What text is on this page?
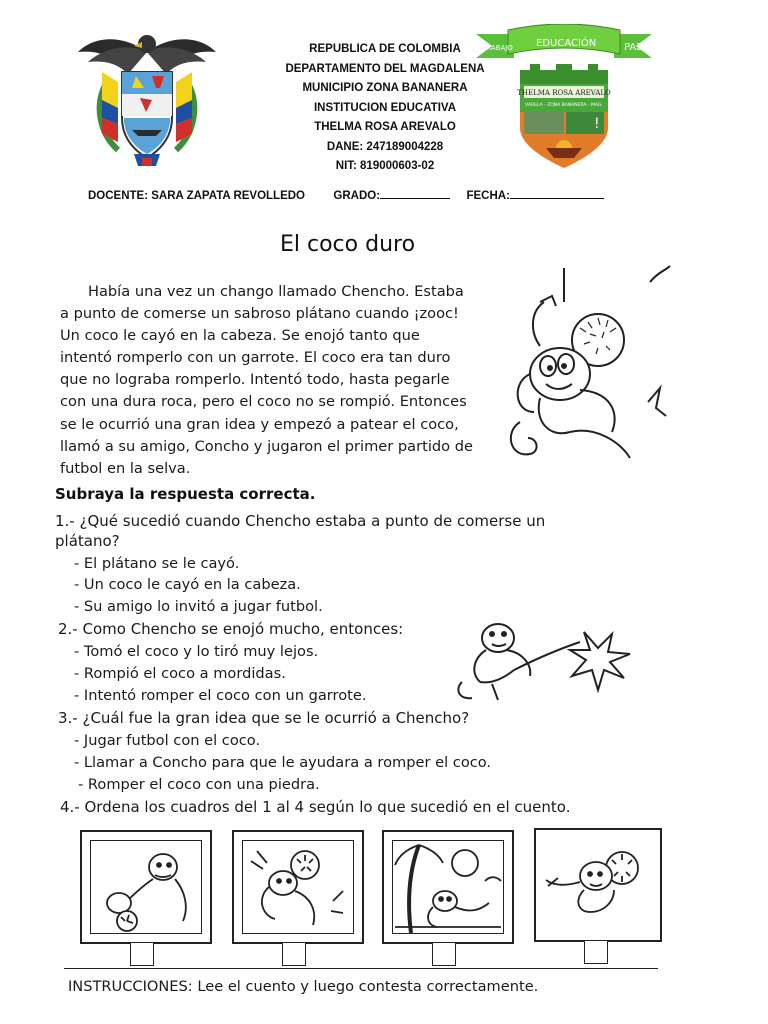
REPUBLICA DE COLOMBIA
DEPARTAMENTO DEL MAGDALENA
MUNICIPIO ZONA BANANERA
INSTITUCION EDUCATIVA
THELMA ROSA AREVALO
DANE: 247189004228
NIT: 819000603-02
TRABAJO EDUCACIÓN	PAZ
THELMA ROSA AREVALO
VARELA - ZONA BANANERA - MAG.
!
DOCENTE: SARA ZAPATA REVOLLEDO GRADO:	FECHA:
El coco duro
Había una vez un chango llamado Chencho. Estaba
a punto de comerse un sabroso plátano cuando ¡zooc!
Un coco le cayó en la cabeza. Se enojó tanto que
intentó romperlo con un garrote. El coco era tan duro
que no lograba romperlo. Intentó todo, hasta pegarle
con una dura roca, pero el coco no se rompió. Entonces
se le ocurrió una gran idea y empezó a patear el coco,
llamó a su amigo, Concho y jugaron el primer partido de
futbol en la selva.
Subraya la respuesta correcta.
1.- ¿Qué sucedió cuando Chencho estaba a punto de comerse un
plátano?
- El plátano se le cayó.
- Un coco le cayó en la cabeza.
- Su amigo lo invitó a jugar futbol.
2.- Como Chencho se enojó mucho, entonces:
- Tomó el coco y lo tiró muy lejos.
- Rompió el coco a mordidas.
- Intentó romper el coco con un garrote.
3.- ¿Cuál fue la gran idea que se le ocurrió a Chencho?
- Jugar futbol con el coco.
- Llamar a Concho para que le ayudara a romper el coco.
- Romper el coco con una piedra.
4.- Ordena los cuadros del 1 al 4 según lo que sucedió en el cuento.
INSTRUCCIONES: Lee el cuento y luego contesta correctamente.
